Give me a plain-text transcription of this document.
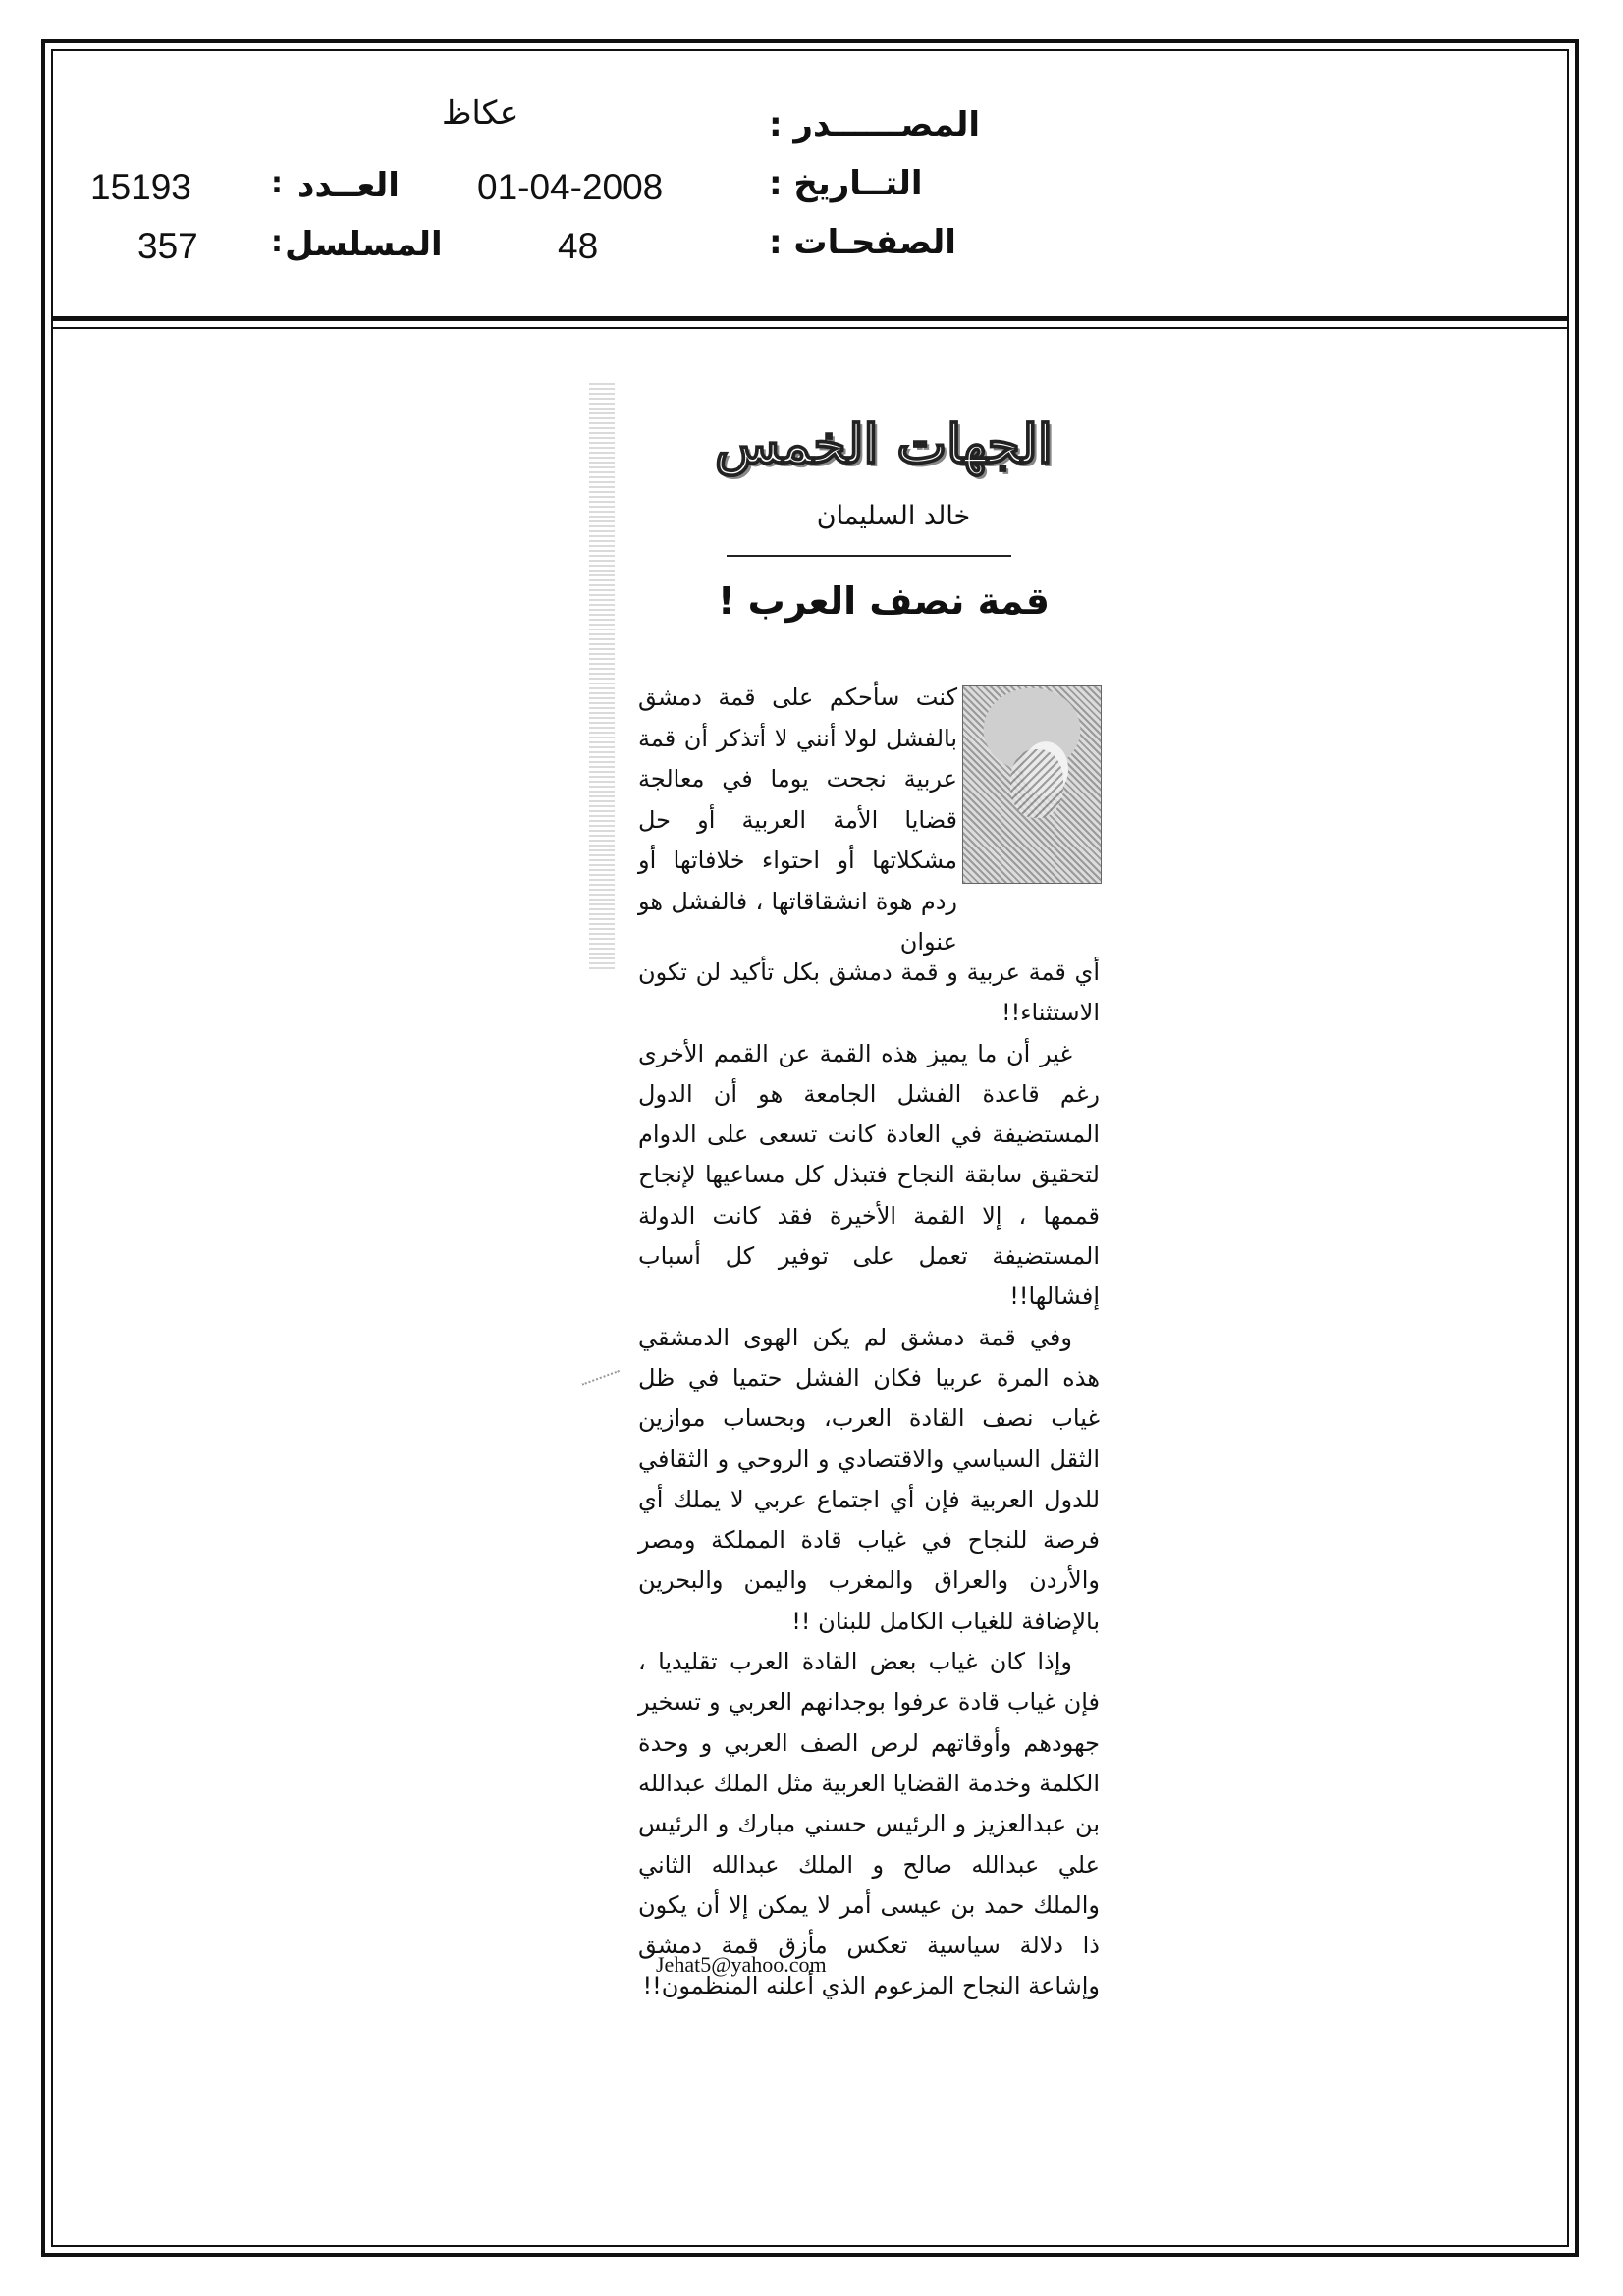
المصــــــدر :
عكاظ
التــاريخ :
01-04-2008
العــدد
:
15193
الصفحـات :
48
المسلسل
:
357
الجهات الخمس
خالد السليمان
قمة نصف العرب !
كنت سأحكم على قمة دمشق بالفشل لولا أنني لا أتذكر أن قمة عربية نجحت يوما في معالجة قضايا الأمة العربية أو حل مشكلاتها أو احتواء خلافاتها أو ردم هوة انشقاقاتها ، فالفشل هو عنوان

أي قمة عربية و قمة دمشق بكل تأكيد لن تكون الاستثناء!!

غير أن ما يميز هذه القمة عن القمم الأخرى رغم قاعدة الفشل الجامعة هو أن الدول المستضيفة في العادة كانت تسعى على الدوام لتحقيق سابقة النجاح فتبذل كل مساعيها لإنجاح قممها ، إلا القمة الأخيرة فقد كانت الدولة المستضيفة تعمل على توفير كل أسباب إفشالها!!

وفي قمة دمشق لم يكن الهوى الدمشقي هذه المرة عربيا فكان الفشل حتميا في ظل غياب نصف القادة العرب، وبحساب موازين الثقل السياسي والاقتصادي و الروحي و الثقافي للدول العربية فإن أي اجتماع عربي لا يملك أي فرصة للنجاح في غياب قادة المملكة ومصر والأردن والعراق والمغرب واليمن والبحرين بالإضافة للغياب الكامل للبنان !!

وإذا كان غياب بعض القادة العرب تقليديا ، فإن غياب قادة عرفوا بوجدانهم العربي و تسخير جهودهم وأوقاتهم لرص الصف العربي و وحدة الكلمة وخدمة القضايا العربية مثل الملك عبدالله بن عبدالعزيز و الرئيس حسني مبارك و الرئيس علي عبدالله صالح و الملك عبدالله الثاني والملك حمد بن عيسى أمر لا يمكن إلا أن يكون ذا دلالة سياسية تعكس مأزق قمة دمشق وإشاعة النجاح المزعوم الذي أعلنه المنظمون!!

Jehat5@yahoo.com
